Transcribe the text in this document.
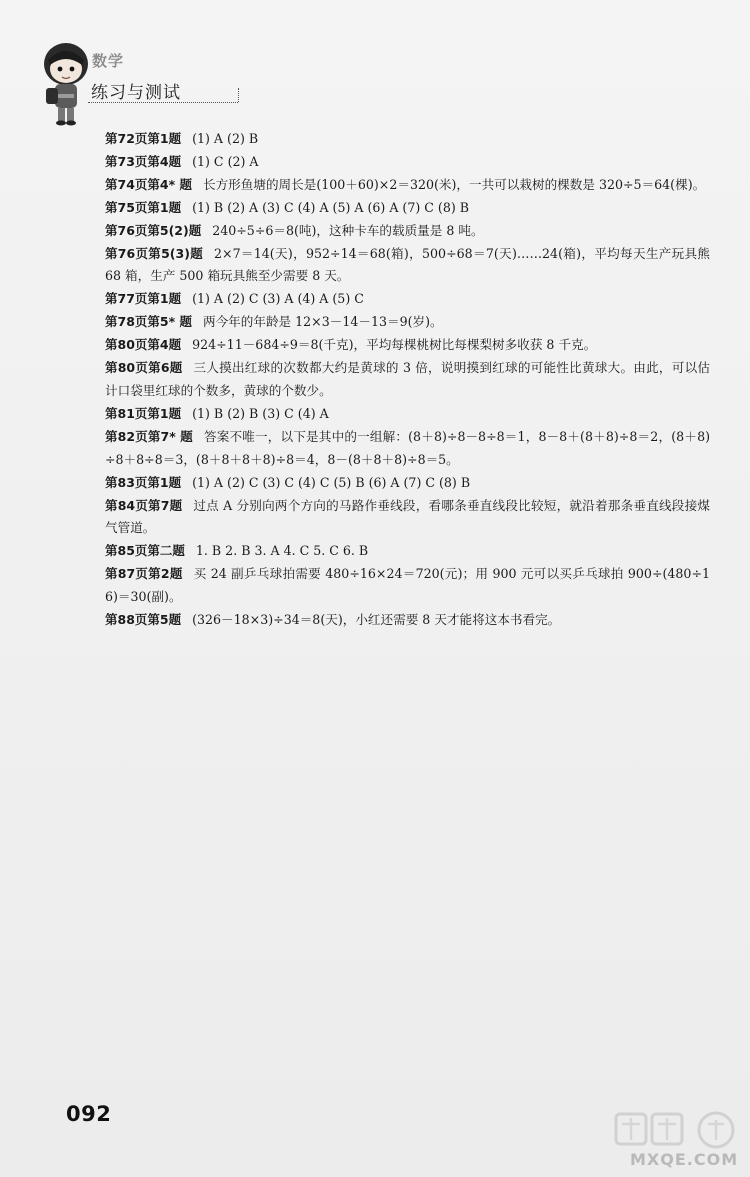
数学
练习与测试

第72页第1题 (1) A (2) B

第73页第4题 (1) C (2) A

第74页第4* 题 长方形鱼塘的周长是(100＋60)×2＝320(米)，一共可以栽树的棵数是 320÷5＝64(棵)。

第75页第1题 (1) B (2) A (3) C (4) A (5) A (6) A (7) C (8) B

第76页第5(2)题 240÷5÷6＝8(吨)，这种卡车的载质量是 8 吨。

第76页第5(3)题 2×7＝14(天)，952÷14＝68(箱)，500÷68＝7(天)……24(箱)，平均每天生产玩具熊 68 箱，生产 500 箱玩具熊至少需要 8 天。

第77页第1题 (1) A (2) C (3) A (4) A (5) C

第78页第5* 题 两今年的年龄是 12×3－14－13＝9(岁)。

第80页第4题 924÷11－684÷9＝8(千克)，平均每棵桃树比每棵梨树多收获 8 千克。

第80页第6题 三人摸出红球的次数都大约是黄球的 3 倍，说明摸到红球的可能性比黄球大。由此，可以估计口袋里红球的个数多，黄球的个数少。

第81页第1题 (1) B (2) B (3) C (4) A

第82页第7* 题 答案不唯一，以下是其中的一组解：(8＋8)÷8－8÷8＝1，8－8＋(8＋8)÷8＝2，(8＋8)÷8＋8÷8＝3，(8＋8＋8＋8)÷8＝4，8－(8＋8＋8)÷8＝5。

第83页第1题 (1) A (2) C (3) C (4) C (5) B (6) A (7) C (8) B

第84页第7题 过点 A 分别向两个方向的马路作垂线段，看哪条垂直线段比较短，就沿着那条垂直线段接煤气管道。

第85页第二题 1. B 2. B 3. A 4. C 5. C 6. B

第87页第2题 买 24 副乒乓球拍需要 480÷16×24＝720(元)；用 900 元可以买乒乓球拍 900÷(480÷16)＝30(副)。

第88页第5题 (326－18×3)÷34＝8(天)，小红还需要 8 天才能将这本书看完。

092
MXQE.COM
